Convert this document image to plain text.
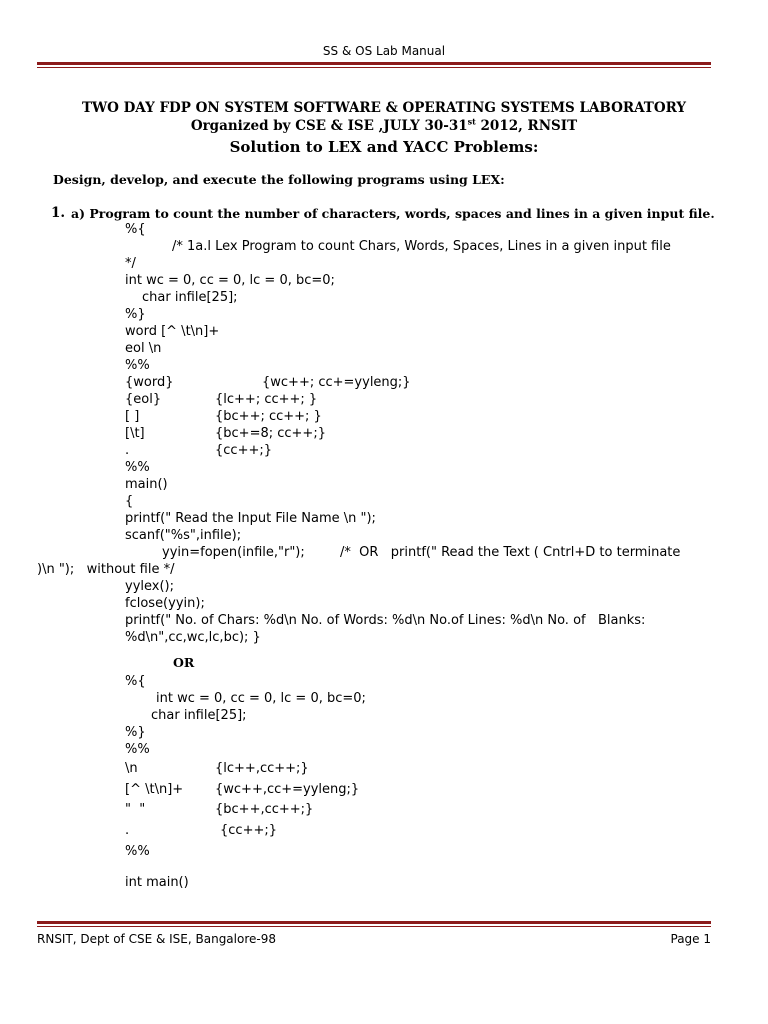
SS & OS Lab Manual
TWO DAY FDP ON SYSTEM SOFTWARE & OPERATING SYSTEMS LABORATORY
Organized by CSE & ISE ,JULY 30-31st 2012, RNSIT
Solution to LEX and YACC Problems:
Design, develop, and execute the following programs using LEX:
1. a) Program to count the number of characters, words, spaces and lines in a given input file.
%{
/* 1a.l Lex Program to count Chars, Words, Spaces, Lines in a given input file
*/
int wc = 0, cc = 0, lc = 0, bc=0;
char infile[25];
%}
word [^ \t\n]+
eol \n
%%
{word}	{wc++; cc+=yyleng;}
{eol}	{lc++; cc++; }
[ ]	{bc++; cc++; }
[\t]	{bc+=8; cc++;}
.	{cc++;}
%%
main()
{
printf(" Read the Input File Name \n ");
scanf("%s",infile);
yyin=fopen(infile,"r");	/*  OR   printf(" Read the Text ( Cntrl+D to terminate
)\n ");   without file */
yylex();
fclose(yyin);
printf(" No. of Chars: %d\n No. of Words: %d\n No.of Lines: %d\n No. of   Blanks:
%d\n",cc,wc,lc,bc); }
OR
%{
int wc = 0, cc = 0, lc = 0, bc=0;
char infile[25];
%}
%%
\n	{lc++,cc++;}
[^ \t\n]+ {wc++,cc+=yyleng;}
"  "	{bc++,cc++;}
.	{cc++;}
%%
int main()
RNSIT, Dept of CSE & ISE, Bangalore-98	Page 1
